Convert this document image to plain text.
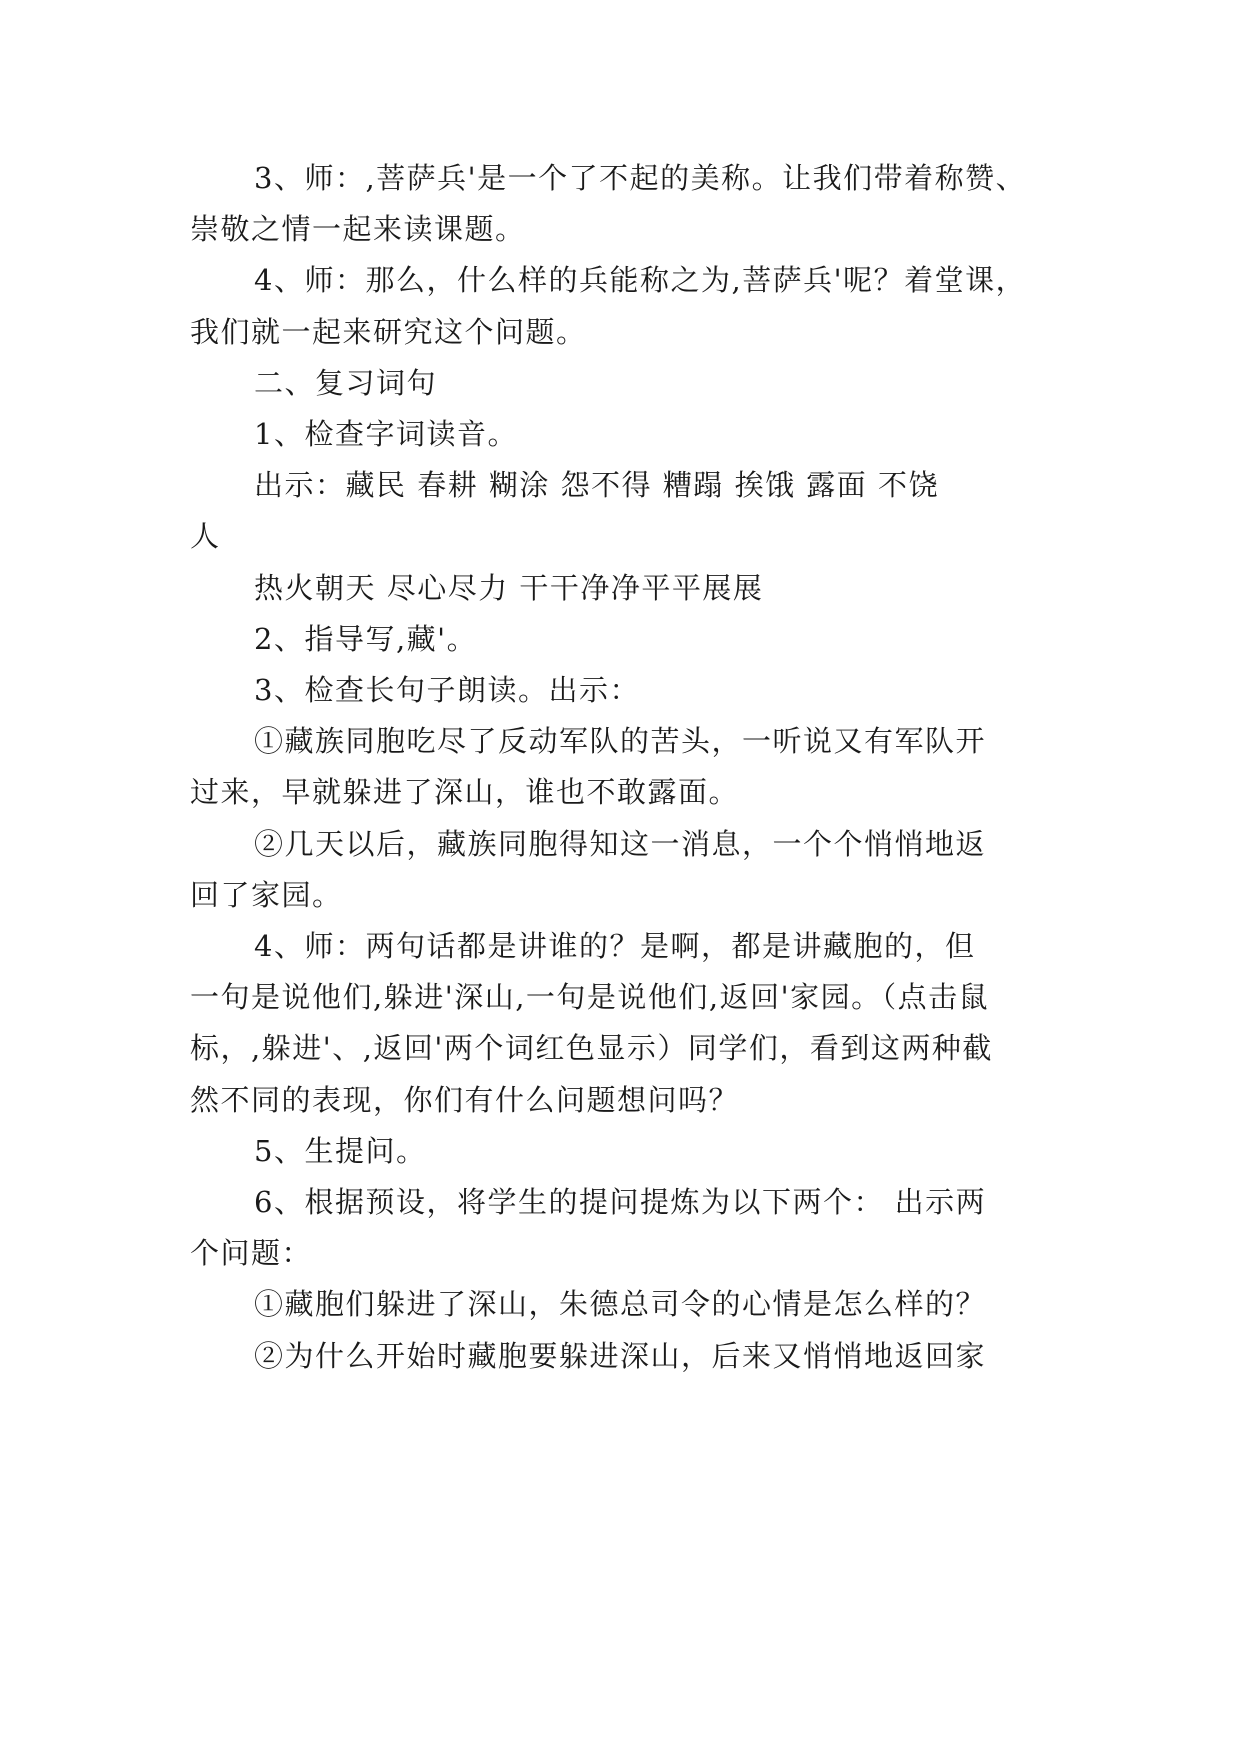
3、师：,菩萨兵'是一个了不起的美称。让我们带着称赞、
崇敬之情一起来读课题。
4、师：那么，什么样的兵能称之为,菩萨兵'呢？着堂课，
我们就一起来研究这个问题。
二、复习词句
1、检查字词读音。
出示：藏民 春耕 糊涂 怨不得 糟蹋 挨饿 露面 不饶
人
热火朝天 尽心尽力 干干净净平平展展
2、指导写,藏'。
3、检查长句子朗读。出示：
①藏族同胞吃尽了反动军队的苦头，一听说又有军队开
过来，早就躲进了深山，谁也不敢露面。
②几天以后，藏族同胞得知这一消息，一个个悄悄地返
回了家园。
4、师：两句话都是讲谁的？是啊，都是讲藏胞的，但
一句是说他们,躲进'深山,一句是说他们,返回'家园。（点击鼠
标，,躲进'、,返回'两个词红色显示）同学们，看到这两种截
然不同的表现，你们有什么问题想问吗？
5、生提问。
6、根据预设，将学生的提问提炼为以下两个： 出示两
个问题：
①藏胞们躲进了深山，朱德总司令的心情是怎么样的？
②为什么开始时藏胞要躲进深山，后来又悄悄地返回家
